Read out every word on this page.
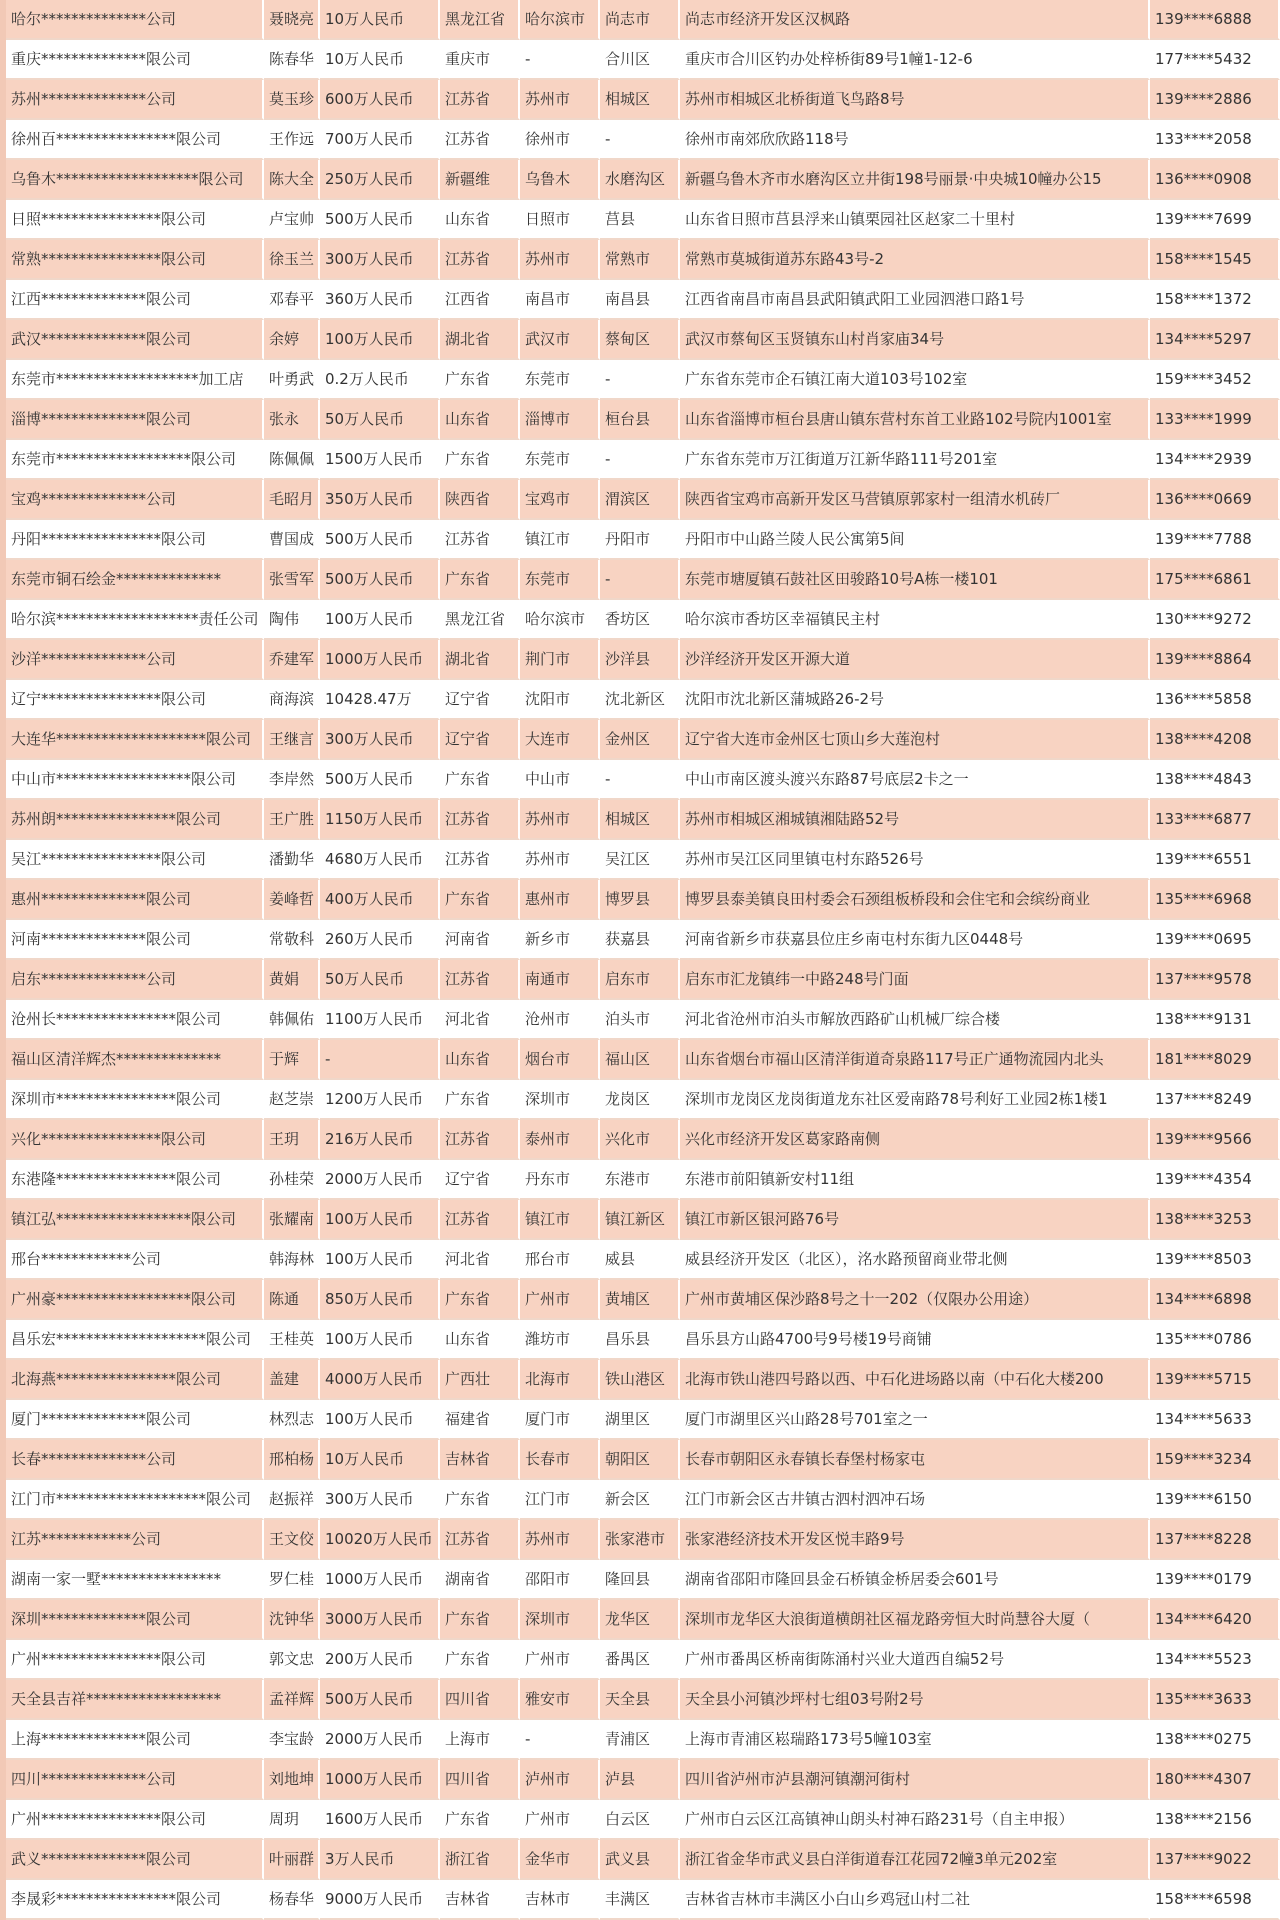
哈尔**************公司	聂晓亮	10万人民币	黑龙江省	哈尔滨市	尚志市	尚志市经济开发区汉枫路	139****6888
重庆**************限公司	陈春华	10万人民币	重庆市	-	合川区	重庆市合川区钓办处梓桥街89号1幢1-12-6	177****5432
苏州**************公司	莫玉珍	600万人民币	江苏省	苏州市	相城区	苏州市相城区北桥街道飞鸟路8号	139****2886
徐州百****************限公司	王作远	700万人民币	江苏省	徐州市	-	徐州市南郊欣欣路118号	133****2058
乌鲁木*******************限公司	陈大全	250万人民币	新疆维	乌鲁木	水磨沟区	新疆乌鲁木齐市水磨沟区立井街198号丽景·中央城10幢办公15	136****0908
日照****************限公司	卢宝帅	500万人民币	山东省	日照市	莒县	山东省日照市莒县浮来山镇栗园社区赵家二十里村	139****7699
常熟****************限公司	徐玉兰	300万人民币	江苏省	苏州市	常熟市	常熟市莫城街道苏东路43号-2	158****1545
江西**************限公司	邓春平	360万人民币	江西省	南昌市	南昌县	江西省南昌市南昌县武阳镇武阳工业园泗港口路1号	158****1372
武汉**************限公司	余婷	100万人民币	湖北省	武汉市	蔡甸区	武汉市蔡甸区玉贤镇东山村肖家庙34号	134****5297
东莞市*******************加工店	叶勇武	0.2万人民币	广东省	东莞市	-	广东省东莞市企石镇江南大道103号102室	159****3452
淄博**************限公司	张永	50万人民币	山东省	淄博市	桓台县	山东省淄博市桓台县唐山镇东营村东首工业路102号院内1001室	133****1999
东莞市******************限公司	陈佩佩	1500万人民币	广东省	东莞市	-	广东省东莞市万江街道万江新华路111号201室	134****2939
宝鸡**************公司	毛昭月	350万人民币	陕西省	宝鸡市	渭滨区	陕西省宝鸡市高新开发区马营镇原郭家村一组清水机砖厂	136****0669
丹阳****************限公司	曹国成	500万人民币	江苏省	镇江市	丹阳市	丹阳市中山路兰陵人民公寓第5间	139****7788
东莞市铜石绘金**************	张雪军	500万人民币	广东省	东莞市	-	东莞市塘厦镇石鼓社区田骏路10号A栋一楼101	175****6861
哈尔滨*******************责任公司	陶伟	100万人民币	黑龙江省	哈尔滨市	香坊区	哈尔滨市香坊区幸福镇民主村	130****9272
沙洋**************公司	乔建军	1000万人民币	湖北省	荆门市	沙洋县	沙洋经济开发区开源大道	139****8864
辽宁****************限公司	商海滨	10428.47万	辽宁省	沈阳市	沈北新区	沈阳市沈北新区蒲城路26-2号	136****5858
大连华********************限公司	王继言	300万人民币	辽宁省	大连市	金州区	辽宁省大连市金州区七顶山乡大莲泡村	138****4208
中山市******************限公司	李岸然	500万人民币	广东省	中山市	-	中山市南区渡头渡兴东路87号底层2卡之一	138****4843
苏州朗****************限公司	王广胜	1150万人民币	江苏省	苏州市	相城区	苏州市相城区湘城镇湘陆路52号	133****6877
吴江****************限公司	潘勤华	4680万人民币	江苏省	苏州市	吴江区	苏州市吴江区同里镇屯村东路526号	139****6551
惠州**************限公司	姜峰哲	400万人民币	广东省	惠州市	博罗县	博罗县泰美镇良田村委会石颈组板桥段和会住宅和会缤纷商业	135****6968
河南**************限公司	常敬科	260万人民币	河南省	新乡市	获嘉县	河南省新乡市获嘉县位庄乡南屯村东街九区0448号	139****0695
启东**************公司	黄娟	50万人民币	江苏省	南通市	启东市	启东市汇龙镇纬一中路248号门面	137****9578
沧州长****************限公司	韩佩佑	1100万人民币	河北省	沧州市	泊头市	河北省沧州市泊头市解放西路矿山机械厂综合楼	138****9131
福山区清洋辉杰**************	于辉	-	山东省	烟台市	福山区	山东省烟台市福山区清洋街道奇泉路117号正广通物流园内北头	181****8029
深圳市****************限公司	赵芝崇	1200万人民币	广东省	深圳市	龙岗区	深圳市龙岗区龙岗街道龙东社区爱南路78号利好工业园2栋1楼1	137****8249
兴化****************限公司	王玥	216万人民币	江苏省	泰州市	兴化市	兴化市经济开发区葛家路南侧	139****9566
东港隆****************限公司	孙桂荣	2000万人民币	辽宁省	丹东市	东港市	东港市前阳镇新安村11组	139****4354
镇江弘******************限公司	张耀南	100万人民币	江苏省	镇江市	镇江新区	镇江市新区银河路76号	138****3253
邢台************公司	韩海林	100万人民币	河北省	邢台市	威县	威县经济开发区（北区），洺水路预留商业带北侧	139****8503
广州豪******************限公司	陈通	850万人民币	广东省	广州市	黄埔区	广州市黄埔区保沙路8号之十一202（仅限办公用途）	134****6898
昌乐宏********************限公司	王桂英	100万人民币	山东省	潍坊市	昌乐县	昌乐县方山路4700号9号楼19号商铺	135****0786
北海燕****************限公司	盖建	4000万人民币	广西壮	北海市	铁山港区	北海市铁山港四号路以西、中石化进场路以南（中石化大楼200	139****5715
厦门**************限公司	林烈志	100万人民币	福建省	厦门市	湖里区	厦门市湖里区兴山路28号701室之一	134****5633
长春**************公司	邢柏杨	10万人民币	吉林省	长春市	朝阳区	长春市朝阳区永春镇长春堡村杨家屯	159****3234
江门市********************限公司	赵振祥	300万人民币	广东省	江门市	新会区	江门市新会区古井镇古泗村泗冲石场	139****6150
江苏************公司	王文佼	10020万人民币	江苏省	苏州市	张家港市	张家港经济技术开发区悦丰路9号	137****8228
湖南一家一墅****************	罗仁桂	1000万人民币	湖南省	邵阳市	隆回县	湖南省邵阳市隆回县金石桥镇金桥居委会601号	139****0179
深圳**************限公司	沈钟华	3000万人民币	广东省	深圳市	龙华区	深圳市龙华区大浪街道横朗社区福龙路旁恒大时尚慧谷大厦（	134****6420
广州****************限公司	郭文忠	200万人民币	广东省	广州市	番禺区	广州市番禺区桥南街陈涌村兴业大道西自编52号	134****5523
天全县吉祥******************	孟祥辉	500万人民币	四川省	雅安市	天全县	天全县小河镇沙坪村七组03号附2号	135****3633
上海**************限公司	李宝龄	2000万人民币	上海市	-	青浦区	上海市青浦区崧瑞路173号5幢103室	138****0275
四川**************公司	刘地坤	1000万人民币	四川省	泸州市	泸县	四川省泸州市泸县潮河镇潮河街村	180****4307
广州****************限公司	周玥	1600万人民币	广东省	广州市	白云区	广州市白云区江高镇神山朗头村神石路231号（自主申报）	138****2156
武义**************限公司	叶丽群	3万人民币	浙江省	金华市	武义县	浙江省金华市武义县白洋街道春江花园72幢3单元202室	137****9022
李晟彩****************限公司	杨春华	9000万人民币	吉林省	吉林市	丰满区	吉林省吉林市丰满区小白山乡鸡冠山村二社	158****6598
